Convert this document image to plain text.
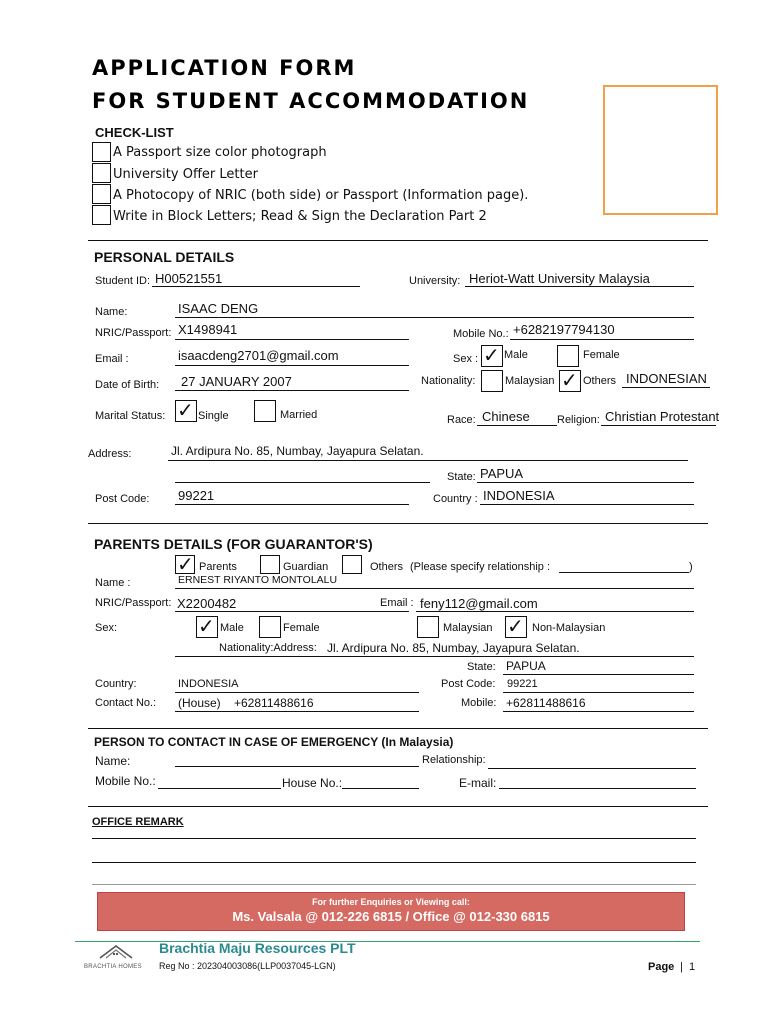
APPLICATION FORM
FOR STUDENT ACCOMMODATION
CHECK-LIST
A Passport size color photograph
University Offer Letter
A Photocopy of NRIC (both side) or Passport (Information page).
Write in Block Letters; Read & Sign the Declaration Part 2
PERSONAL DETAILS
Student ID: H00521551	University: Heriot-Watt University Malaysia
Name:	ISAAC DENG
NRIC/Passport: X1498941	Mobile No.: +6282197794130
Email :	isaacdeng2701@gmail.com	Sex : ✓ Male	Female
Date of Birth: 27 JANUARY 2007	Nationality:	Malaysian ✓ Others INDONESIAN
Marital Status: ✓ Single	Married	Race: Chinese Religion: Christian Protestant
Address:	Jl. Ardipura No. 85, Numbay, Jayapura Selatan.
State: PAPUA
Post Code: 99221	Country : INDONESIA
PARENTS DETAILS (FOR GUARANTOR'S)
✓ Parents	Guardian	Others (Please specify relationship :	)
Name :	ERNEST RIYANTO MONTOLALU
NRIC/Passport: X2200482	Email : feny112@gmail.com
Sex:	✓ Male	Female	Malaysian ✓ Non-Malaysian
Nationality:Address: Jl. Ardipura No. 85, Numbay, Jayapura Selatan.
State: PAPUA
Country:	INDONESIA	Post Code: 99221
Contact No.: (House) +62811488616	Mobile: +62811488616
PERSON TO CONTACT IN CASE OF EMERGENCY (In Malaysia)
Name:	Relationship:
Mobile No.:	House No.:	E-mail:
OFFICE REMARK
For further Enquiries or Viewing call:
Ms. Valsala @ 012-226 6815 / Office @ 012-330 6815
BRACHTIA HOMES
Brachtia Maju Resources PLT
Reg No : 202304003086(LLP0037045-LGN)	Page | 1
